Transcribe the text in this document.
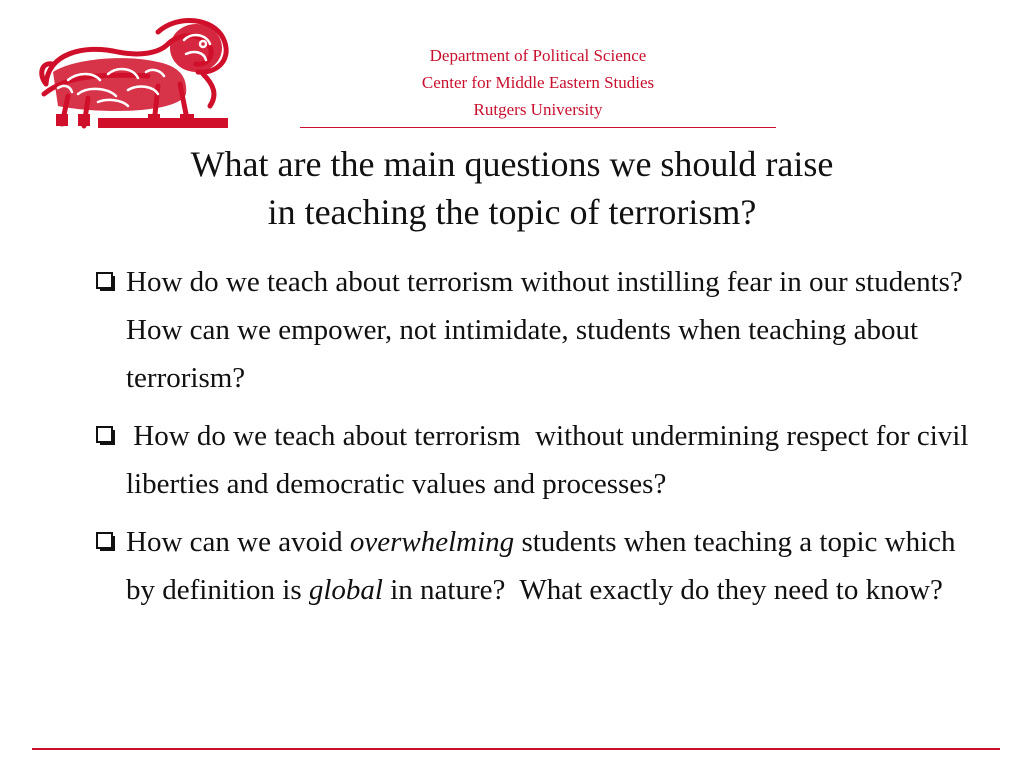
Department of Political Science
Center for Middle Eastern Studies
Rutgers University
What are the main questions we should raise
in teaching the topic of terrorism?
How do we teach about terrorism without instilling fear in our students? How can we empower, not intimidate, students when teaching about terrorism?
How do we teach about terrorism  without undermining respect for civil liberties and democratic values and processes?
How can we avoid overwhelming students when teaching a topic which by definition is global in nature?  What exactly do they need to know?
